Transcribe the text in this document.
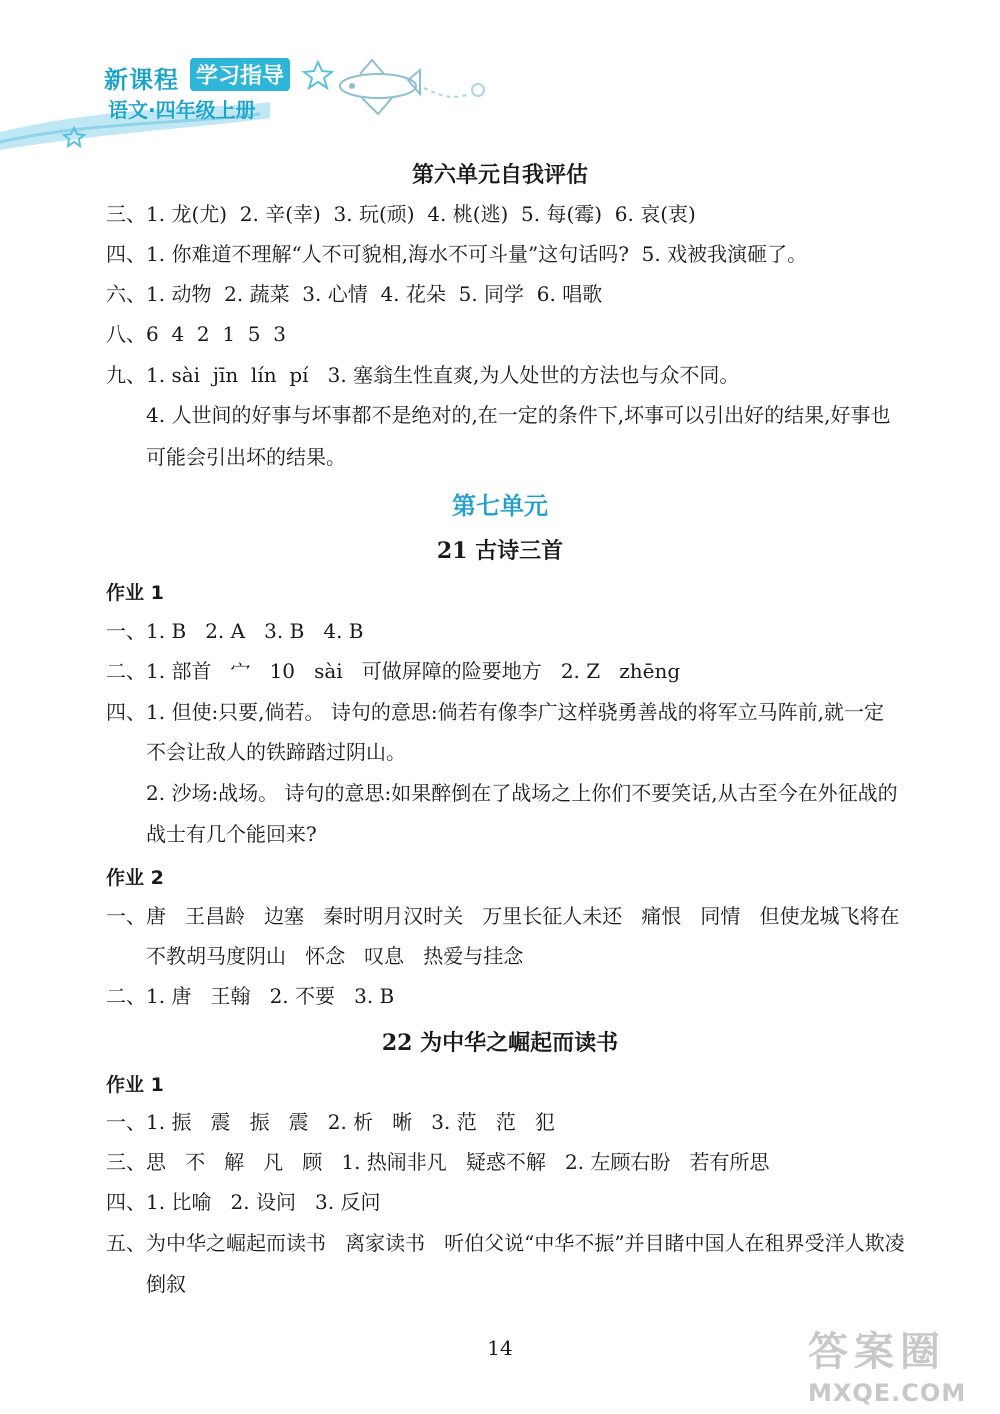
新课程 学习指导
语文·四年级上册
第六单元自我评估
三、1. 龙(尤)  2. 辛(幸)  3. 玩(顽)  4. 桃(逃)  5. 每(霉)  6. 哀(衷)
四、1. 你难道不理解“人不可貌相,海水不可斗量”这句话吗?  5. 戏被我演砸了。
六、1. 动物  2. 蔬菜  3. 心情  4. 花朵  5. 同学  6. 唱歌
八、6  4  2  1  5  3
九、1. sài  jīn  lín  pí   3. 塞翁生性直爽,为人处世的方法也与众不同。
4. 人世间的好事与坏事都不是绝对的,在一定的条件下,坏事可以引出好的结果,好事也
可能会引出坏的结果。
第七单元
21 古诗三首
作业 1
一、1. B   2. A   3. B   4. B
二、1. 部首   宀   10   sài   可做屏障的险要地方   2. Z   zhēng
四、1. 但使:只要,倘若。 诗句的意思:倘若有像李广这样骁勇善战的将军立马阵前,就一定
不会让敌人的铁蹄踏过阴山。
2. 沙场:战场。 诗句的意思:如果醉倒在了战场之上你们不要笑话,从古至今在外征战的
战士有几个能回来?
作业 2
一、唐   王昌龄   边塞   秦时明月汉时关   万里长征人未还   痛恨   同情   但使龙城飞将在
不教胡马度阴山   怀念   叹息   热爱与挂念
二、1. 唐   王翰   2. 不要   3. B
22 为中华之崛起而读书
作业 1
一、1. 振   震   振   震   2. 析   晰   3. 范   范   犯
三、思   不   解   凡   顾   1. 热闹非凡   疑惑不解   2. 左顾右盼   若有所思
四、1. 比喻   2. 设问   3. 反问
五、为中华之崛起而读书   离家读书   听伯父说“中华不振”并目睹中国人在租界受洋人欺凌
倒叙
14	答案圈
MXQE.COM
